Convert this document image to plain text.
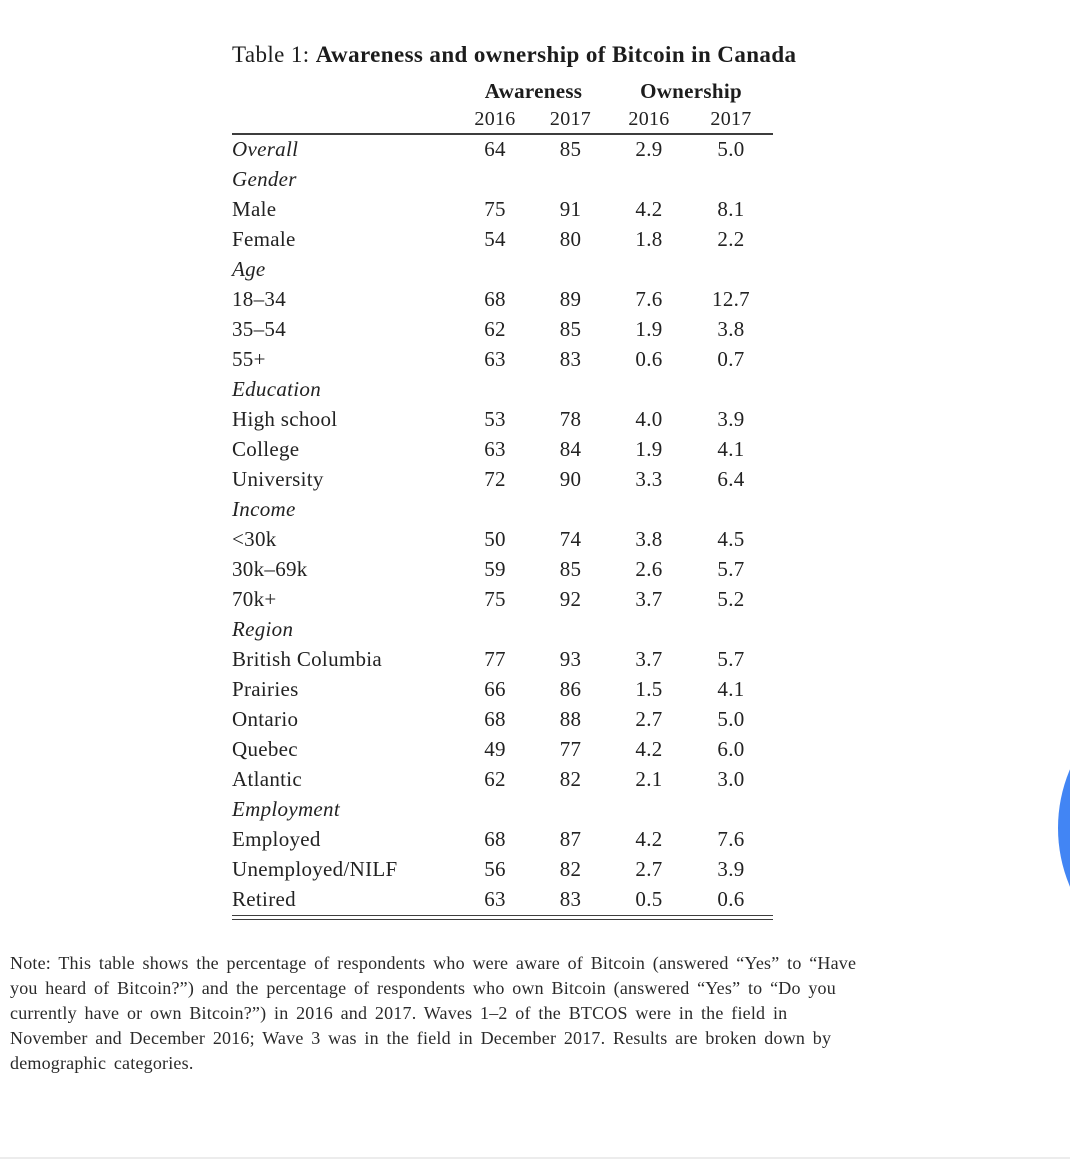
Table 1: Awareness and ownership of Bitcoin in Canada
	Awareness		Ownership	
	2016	2017	2016	2017
Overall	64	85	2.9	5.0
Gender				
Male	75	91	4.2	8.1
Female	54	80	1.8	2.2
Age				
18–34	68	89	7.6	12.7
35–54	62	85	1.9	3.8
55+	63	83	0.6	0.7
Education				
High school	53	78	4.0	3.9
College	63	84	1.9	4.1
University	72	90	3.3	6.4
Income				
<30k	50	74	3.8	4.5
30k–69k	59	85	2.6	5.7
70k+	75	92	3.7	5.2
Region				
British Columbia	77	93	3.7	5.7
Prairies	66	86	1.5	4.1
Ontario	68	88	2.7	5.0
Quebec	49	77	4.2	6.0
Atlantic	62	82	2.1	3.0
Employment				
Employed	68	87	4.2	7.6
Unemployed/NILF	56	82	2.7	3.9
Retired	63	83	0.5	0.6
Note: This table shows the percentage of respondents who were aware of Bitcoin (answered “Yes” to “Have
you heard of Bitcoin?”) and the percentage of respondents who own Bitcoin (answered “Yes” to “Do you
currently have or own Bitcoin?”) in 2016 and 2017. Waves 1–2 of the BTCOS were in the field in
November and December 2016; Wave 3 was in the field in December 2017. Results are broken down by
demographic categories.
